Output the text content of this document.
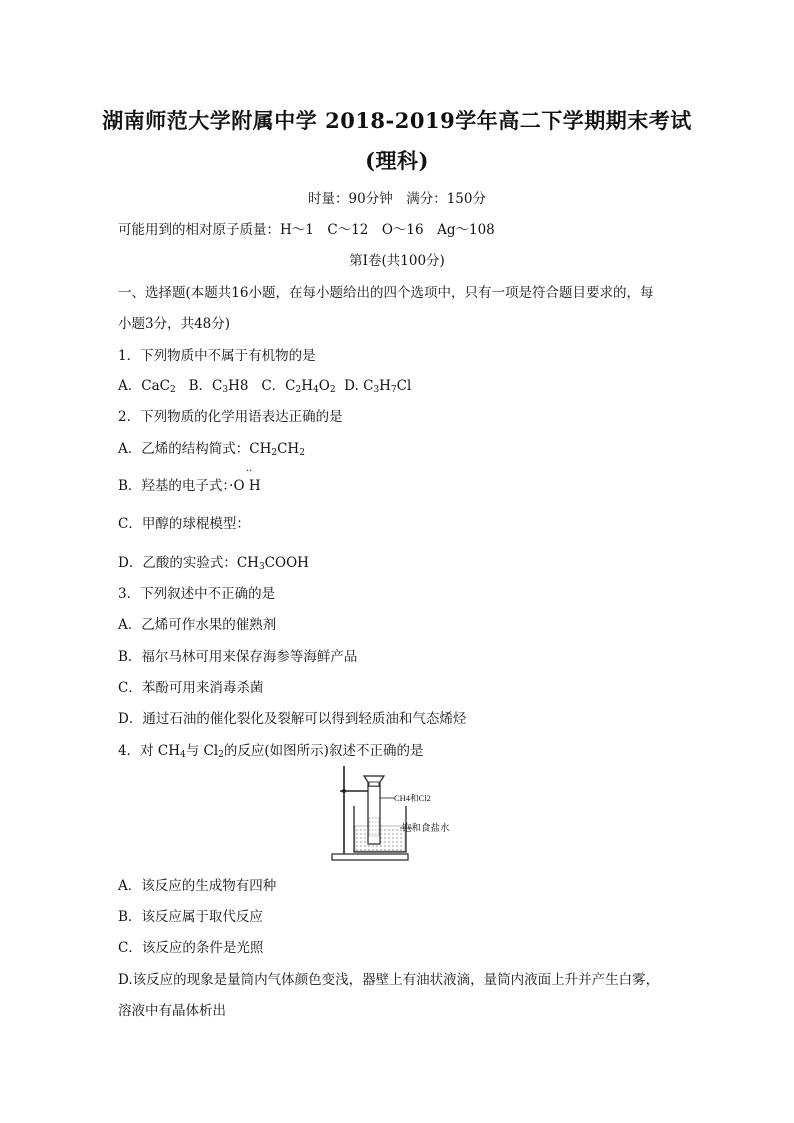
湖南师范大学附属中学 2018-2019学年高二下学期期末考试
(理科)
时量：90分钟　满分：150分
可能用到的相对原子质量：H～1　C～12　O～16　Ag～108
第Ⅰ卷(共100分)
一、选择题(本题共16小题，在每小题给出的四个选项中，只有一项是符合题目要求的，每
小题3分，共48分)
1．下列物质中不属于有机物的是
A．CaC$_2$ B．$C_3H8$ C．$C_2H_4O_2$ D. $C_3H_7Cl$
2．下列物质的化学用语表达正确的是
A．乙烯的结构简式：$CH_2CH_2$
··
B．羟基的电子式：·O H
C．甲醇的球棍模型：
D．乙酸的实验式：$CH_3COOH$
3．下列叙述中不正确的是
A．乙烯可作水果的催熟剂
B．福尔马林可用来保存海参等海鲜产品
C．苯酚可用来消毒杀菌
D．通过石油的催化裂化及裂解可以得到轻质油和气态烯烃
4．对 $CH_4$与 $Cl_2$的反应(如图所示)叙述不正确的是
CH4和Cl2
饱和食盐水
A．该反应的生成物有四种
B．该反应属于取代反应
C．该反应的条件是光照
D.该反应的现象是量筒内气体颜色变浅，器壁上有油状液滴，量筒内液面上升并产生白雾，
溶液中有晶体析出
